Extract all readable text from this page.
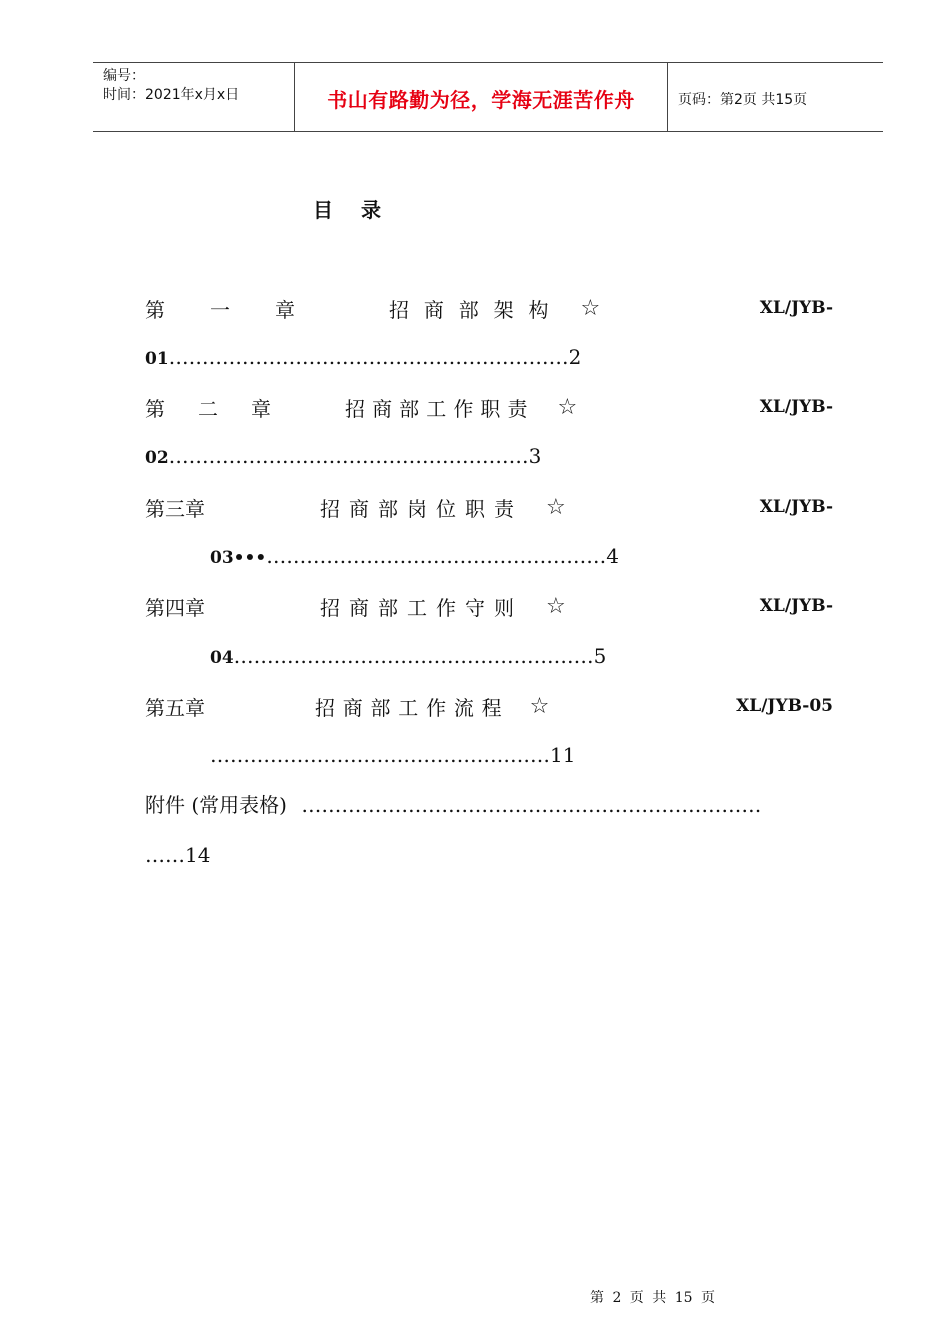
编号：
时间：2021年x月x日	书山有路勤为径，学海无涯苦作舟	页码：第2页 共15页
目录
第 一 章	招 商 部 架 构 ☆	XL/JYB-
01……………………………………………………2
第 二 章	招 商 部 工 作 职 责 ☆	XL/JYB-
02………………………………………………3
第三章	招 商 部 岗 位 职 责 ☆	XL/JYB-
03•••……………………………………………4
第四章	招 商 部 工 作 守 则 ☆	XL/JYB-
04………………………………………………5
第五章	招 商 部 工 作 流 程 ☆	XL/JYB-05
……………………………………………11
附件 (常用表格) ……………………………………………………………
……14
第 2 页 共 15 页
